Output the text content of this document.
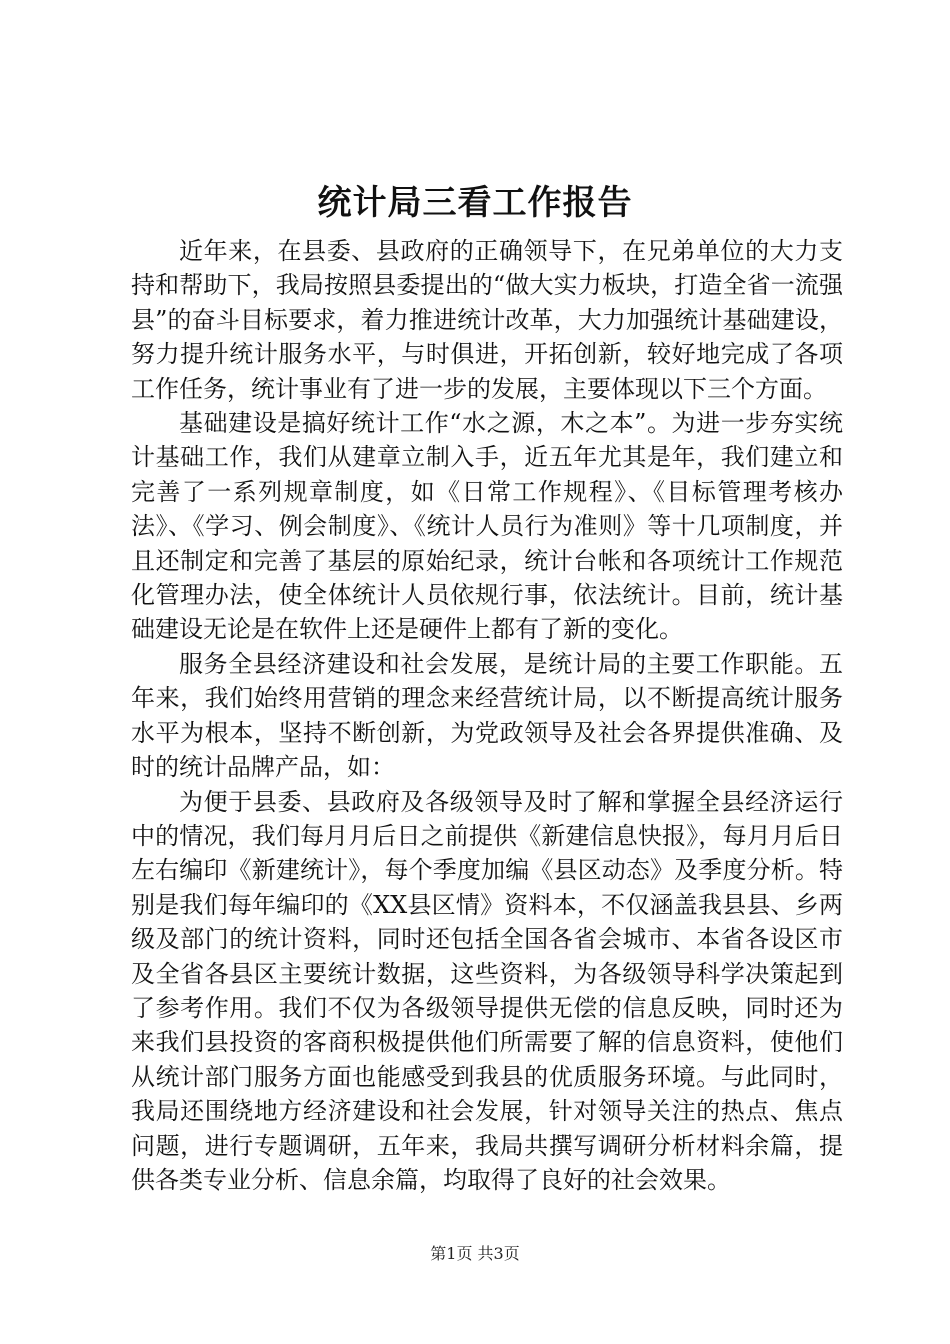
统计局三看工作报告

近年来，在县委、县政府的正确领导下，在兄弟单位的大力支持和帮助下，我局按照县委提出的“做大实力板块，打造全省一流强县”的奋斗目标要求，着力推进统计改革，大力加强统计基础建设，努力提升统计服务水平，与时俱进，开拓创新，较好地完成了各项工作任务，统计事业有了进一步的发展，主要体现以下三个方面。

基础建设是搞好统计工作“水之源，木之本”。为进一步夯实统计基础工作，我们从建章立制入手，近五年尤其是年，我们建立和完善了一系列规章制度，如《日常工作规程》、《目标管理考核办法》、《学习、例会制度》、《统计人员行为准则》等十几项制度，并且还制定和完善了基层的原始纪录，统计台帐和各项统计工作规范化管理办法，使全体统计人员依规行事，依法统计。目前，统计基础建设无论是在软件上还是硬件上都有了新的变化。

服务全县经济建设和社会发展，是统计局的主要工作职能。五年来，我们始终用营销的理念来经营统计局，以不断提高统计服务水平为根本，坚持不断创新，为党政领导及社会各界提供准确、及时的统计品牌产品，如：

为便于县委、县政府及各级领导及时了解和掌握全县经济运行中的情况，我们每月月后日之前提供《新建信息快报》，每月月后日左右编印《新建统计》，每个季度加编《县区动态》及季度分析。特别是我们每年编印的《XX县区情》资料本，不仅涵盖我县县、乡两级及部门的统计资料，同时还包括全国各省会城市、本省各设区市及全省各县区主要统计数据，这些资料，为各级领导科学决策起到了参考作用。我们不仅为各级领导提供无偿的信息反映，同时还为来我们县投资的客商积极提供他们所需要了解的信息资料，使他们从统计部门服务方面也能感受到我县的优质服务环境。与此同时，我局还围绕地方经济建设和社会发展，针对领导关注的热点、焦点问题，进行专题调研，五年来，我局共撰写调研分析材料余篇，提供各类专业分析、信息余篇，均取得了良好的社会效果。

第1页 共3页
